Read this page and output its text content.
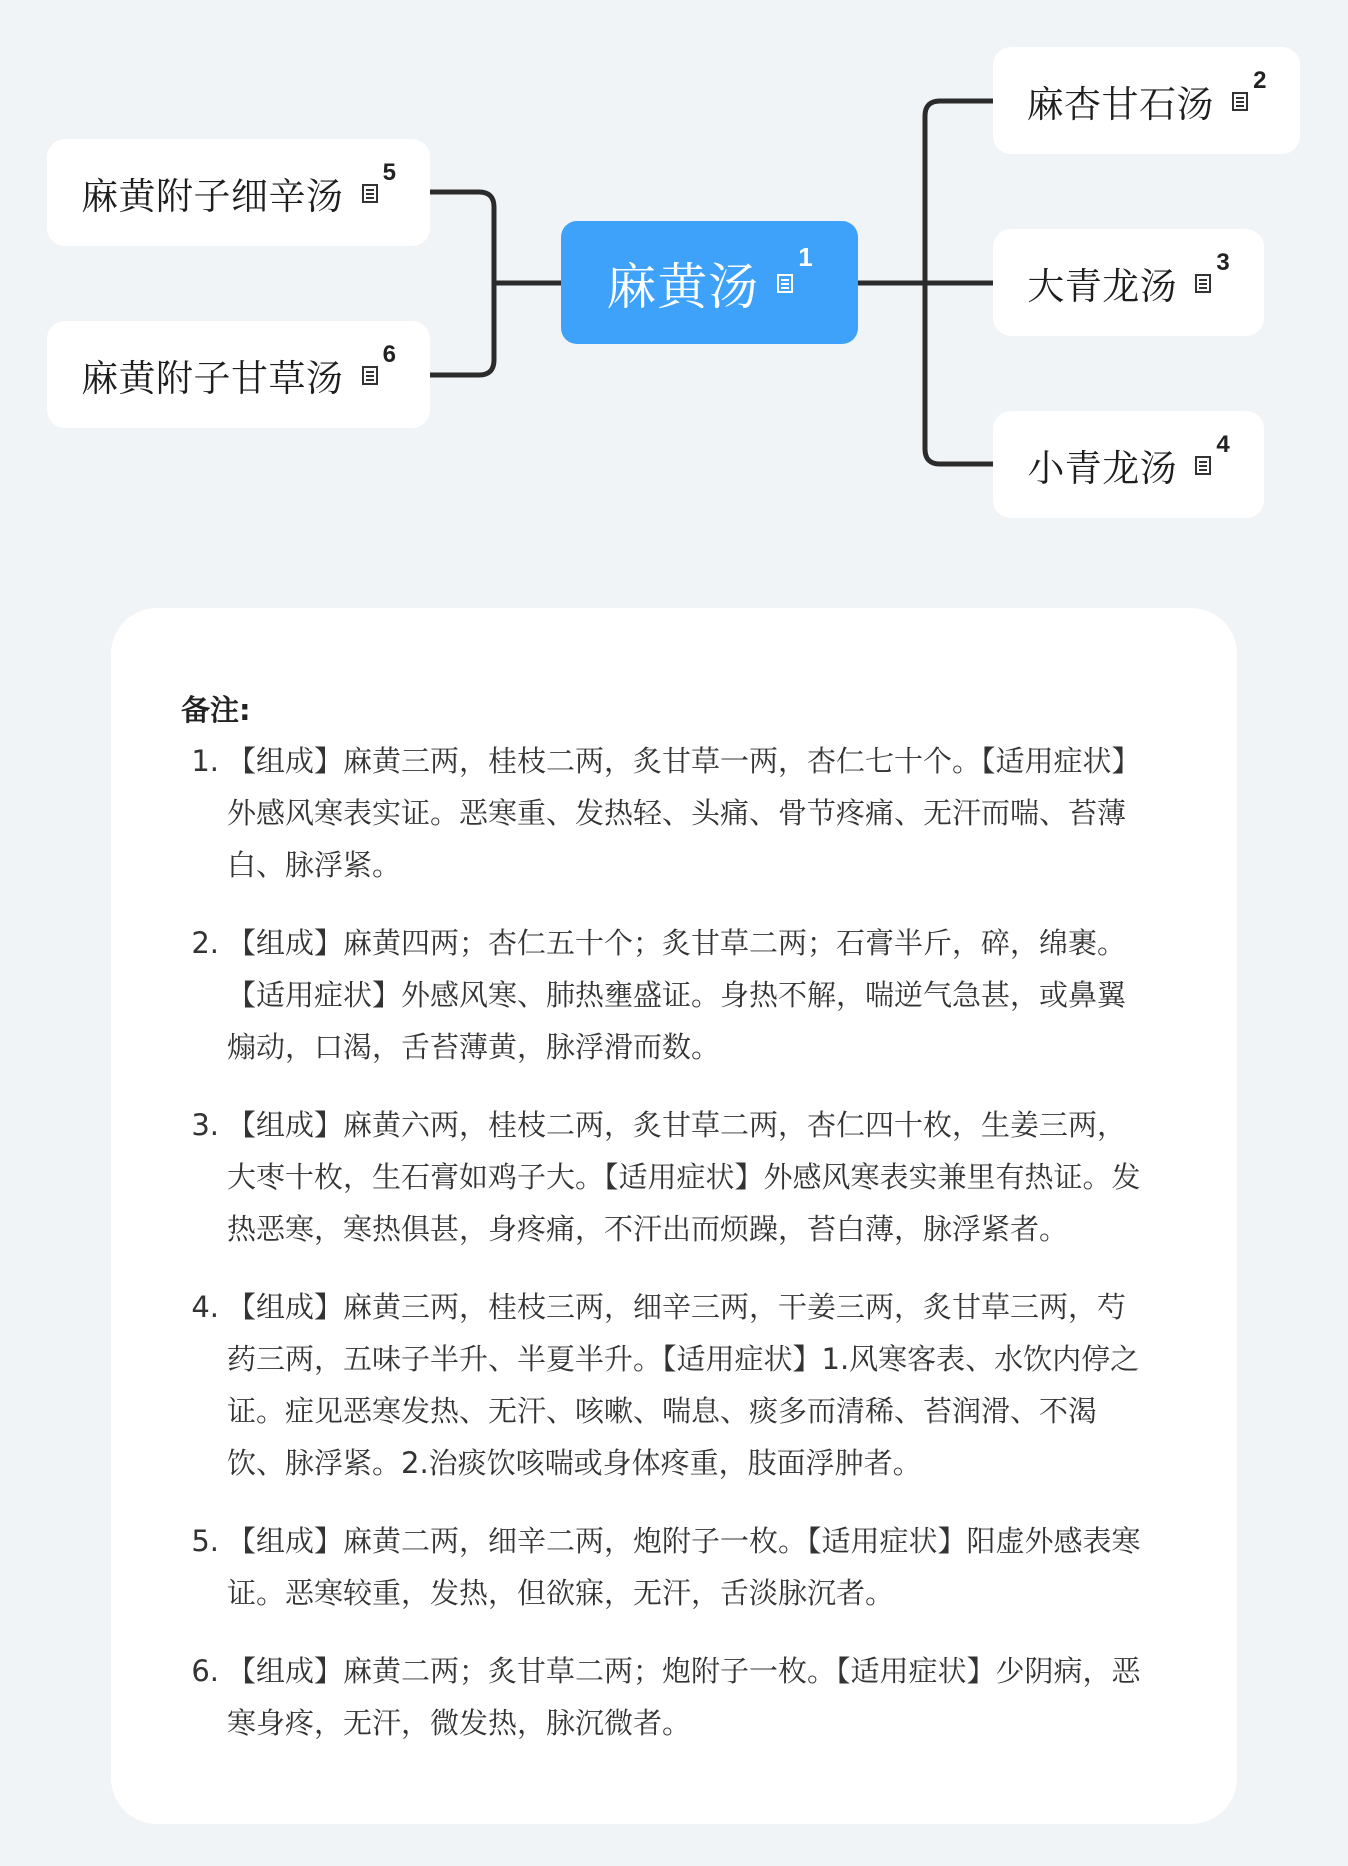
麻黄汤
$^1$
麻杏甘石汤
$^2$
大青龙汤
$^3$
小青龙汤
$^4$
麻黄附子细辛汤
$^5$
麻黄附子甘草汤
$^6$
备注:
1. 【组成】麻黄三两，桂枝二两，炙甘草一两，杏仁七十个。【适用症状】外感风寒表实证。恶寒重、发热轻、头痛、骨节疼痛、无汗而喘、苔薄白、脉浮紧。
2. 【组成】麻黄四两；杏仁五十个；炙甘草二两；石膏半斤，碎，绵裹。【适用症状】外感风寒、肺热壅盛证。身热不解，喘逆气急甚，或鼻翼煽动，口渴，舌苔薄黄，脉浮滑而数。
3. 【组成】麻黄六两，桂枝二两，炙甘草二两，杏仁四十枚，生姜三两，大枣十枚，生石膏如鸡子大。【适用症状】外感风寒表实兼里有热证。发热恶寒，寒热俱甚，身疼痛，不汗出而烦躁，苔白薄，脉浮紧者。
4. 【组成】麻黄三两，桂枝三两，细辛三两，干姜三两，炙甘草三两，芍药三两，五味子半升、半夏半升。【适用症状】1.风寒客表、水饮内停之证。症见恶寒发热、无汗、咳嗽、喘息、痰多而清稀、苔润滑、不渴饮、脉浮紧。2.治痰饮咳喘或身体疼重，肢面浮肿者。
5. 【组成】麻黄二两，细辛二两，炮附子一枚。【适用症状】阳虚外感表寒证。恶寒较重，发热，但欲寐，无汗，舌淡脉沉者。
6. 【组成】麻黄二两；炙甘草二两；炮附子一枚。【适用症状】少阴病，恶寒身疼，无汗，微发热，脉沉微者。
